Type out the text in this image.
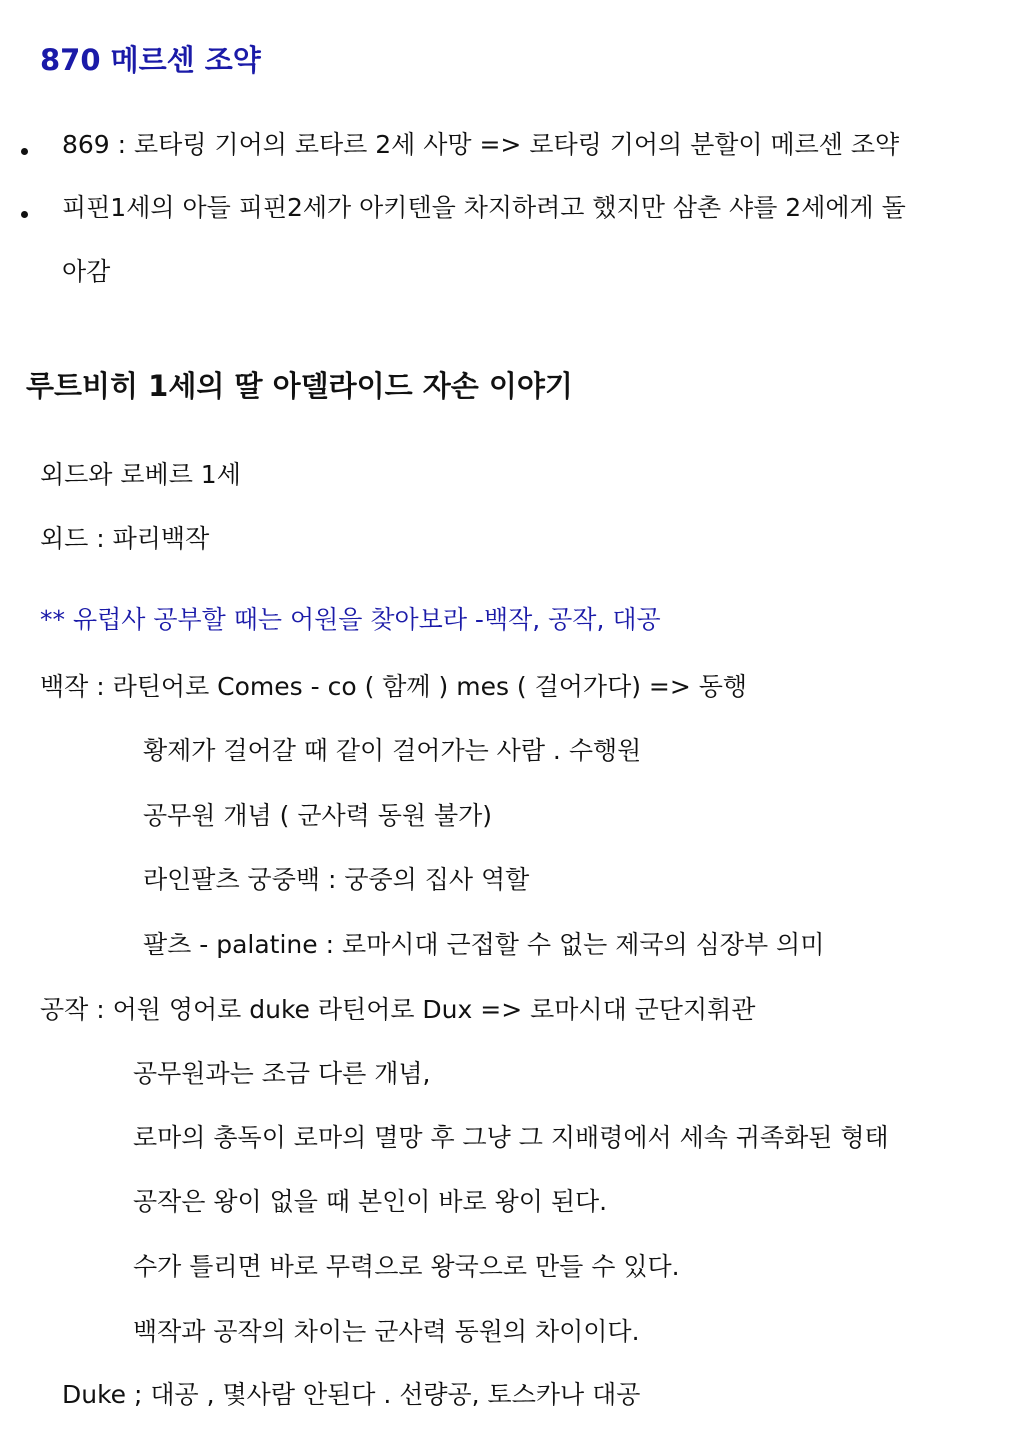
870 메르센 조약
869 : 로타링 기어의 로타르 2세 사망 => 로타링 기어의 분할이 메르센 조약
피핀1세의 아들 피핀2세가 아키텐을 차지하려고 했지만 삼촌 샤를 2세에게 돌
아감
루트비히 1세의 딸 아델라이드 자손 이야기
외드와 로베르 1세
외드 : 파리백작
** 유럽사 공부할 때는 어원을 찾아보라 -백작, 공작, 대공
백작 : 라틴어로 Comes - co ( 함께 ) mes ( 걸어가다) => 동행
황제가 걸어갈 때 같이 걸어가는 사람 . 수행원
공무원 개념 ( 군사력 동원 불가)
라인팔츠 궁중백 : 궁중의 집사 역할
팔츠 - palatine : 로마시대 근접할 수 없는 제국의 심장부 의미
공작 : 어원 영어로 duke 라틴어로 Dux => 로마시대 군단지휘관
공무원과는 조금 다른 개념,
로마의 총독이 로마의 멸망 후 그냥 그 지배령에서 세속 귀족화된 형태
공작은 왕이 없을 때 본인이 바로 왕이 된다.
수가 틀리면 바로 무력으로 왕국으로 만들 수 있다.
백작과 공작의 차이는 군사력 동원의 차이이다.
Duke ; 대공 , 몇사람 안된다 . 선량공, 토스카나 대공
